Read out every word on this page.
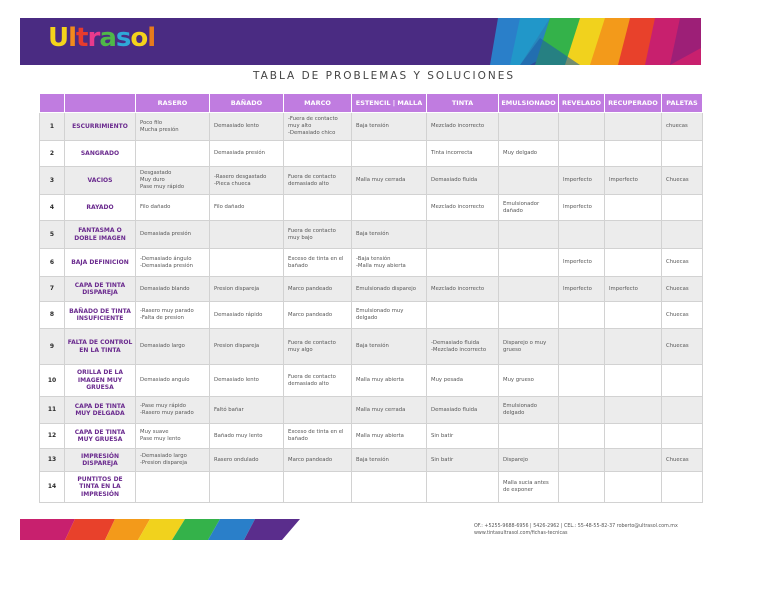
Ultrasol
TABLA DE PROBLEMAS Y SOLUCIONES
		RASERO	BAÑADO	MARCO	ESTENCIL | MALLA	TINTA	EMULSIONADO	REVELADO	RECUPERADO	PALETAS
1	ESCURRIMIENTO	Poco filo
Mucha presión	Demasiado lento	-Fuera de contacto muy alto
-Demasiado chico	Baja tensión	Mezclado incorrecto				chuecas
2	SANGRADO		Demasiada presión			Tinta incorrecta	Muy delgado			
3	VACIOS	Desgastado
Muy duro
Pase muy rápido	-Rasero desgastado
-Pieca chueca	Fuera de contacto demasiado alto	Malla muy cerrada	Demasiado fluida		Imperfecto	Imperfecto	Chuecas
4	RAYADO	Filo dañado	Filo dañado			Mezclado incorrecto	Emulsionador dañado	Imperfecto		
5	FANTASMA O DOBLE IMAGEN	Demasiada presión		Fuera de contacto muy bajo	Baja tensión					
6	BAJA DEFINICION	-Demasiado ángulo
-Demasiada presión		Exceso de tinta en el bañado	-Baja tensión
-Malla muy abierta			Imperfecto		Chuecas
7	CAPA DE TINTA DISPAREJA	Demasiado blando	Presion dispareja	Marco pandeado	Emulsionado disparejo	Mezclado incorrecto		Imperfecto	Imperfecto	Chuecas
8	BAÑADO DE TINTA INSUFICIENTE	-Rasero muy parado
-Falta de presion	Demasiado rápido	Marco pandeado	Emulsionado muy delgado					Chuecas
9	FALTA DE CONTROL EN LA TINTA	Demasiado largo	Presion dispareja	Fuera de contacto muy algo	Baja tensión	-Demasiado fluida
-Mezclado incorrecto	Disparejo o muy grueso			Chuecas
10	ORILLA DE LA IMAGEN MUY GRUESA	Demasiado angulo	Demasiado lento	Fuera de contacto demasiado alto	Malla muy abierta	Muy pesada	Muy grueso			
11	CAPA DE TINTA MUY DELGADA	-Pase muy rápido
-Rasero muy parado	Faltó bañar		Malla muy cerrada	Demasiado fluida	Emulsionado delgado			
12	CAPA DE TINTA MUY GRUESA	Muy suave
Pase muy lento	Bañado muy lento	Exceso de tinta en el bañado	Malla muy abierta	Sin batir				
13	IMPRESIÓN DISPAREJA	-Demasiado largo
-Presion dispareja	Rasero ondulado	Marco pandeado	Baja tensión	Sin batir	Disparejo			Chuecas
14	PUNTITOS DE TINTA EN LA IMPRESIÓN						Malla sucia antes de exponer			
OF.: +5255-9688-6956 | 5426-2962 | CEL.: 55-48-55-82-37 roberto@ultrasol.com.mx
www.tintasultrasol.com/fichas-tecnicas
